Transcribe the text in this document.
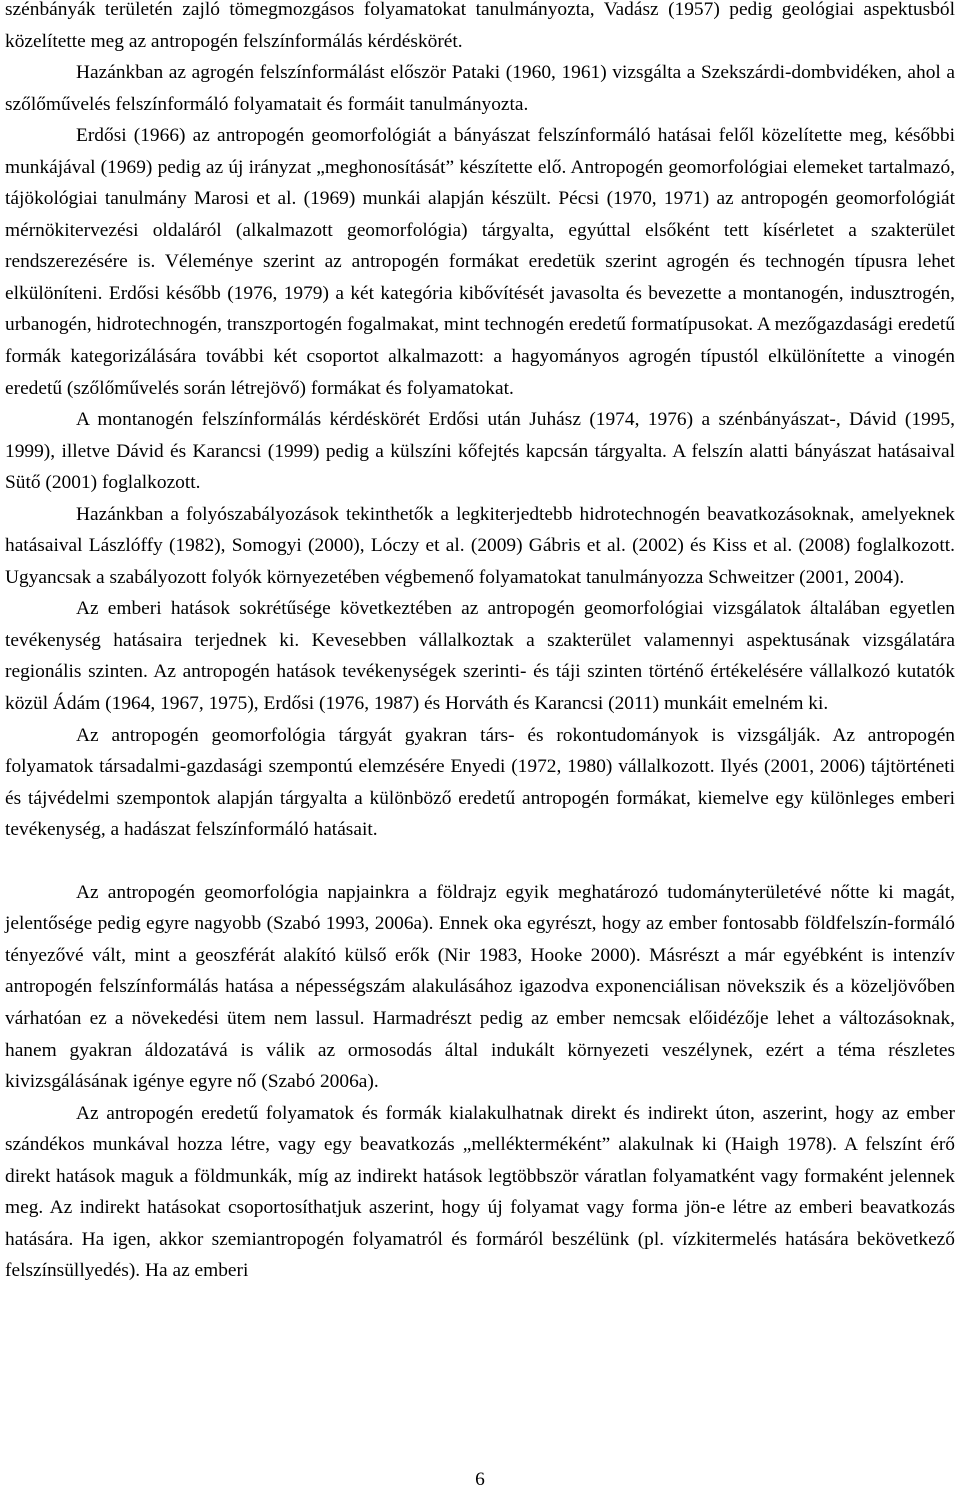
szénbányák területén zajló tömegmozgásos folyamatokat tanulmányozta, Vadász (1957) pedig geológiai aspektusból közelítette meg az antropogén felszínformálás kérdéskörét.

Hazánkban az agrogén felszínformálást először Pataki (1960, 1961) vizsgálta a Szekszárdi-dombvidéken, ahol a szőlőművelés felszínformáló folyamatait és formáit tanulmányozta.

Erdősi (1966) az antropogén geomorfológiát a bányászat felszínformáló hatásai felől közelítette meg, későbbi munkájával (1969) pedig az új irányzat „meghonosítását” készítette elő. Antropogén geomorfológiai elemeket tartalmazó, tájökológiai tanulmány Marosi et al. (1969) munkái alapján készült. Pécsi (1970, 1971) az antropogén geomorfológiát mérnökitervezési oldaláról (alkalmazott geomorfológia) tárgyalta, egyúttal elsőként tett kísérletet a szakterület rendszerezésére is. Véleménye szerint az antropogén formákat eredetük szerint agrogén és technogén típusra lehet elkülöníteni. Erdősi később (1976, 1979) a két kategória kibővítését javasolta és bevezette a montanogén, indusztrogén, urbanogén, hidrotechnogén, transzportogén fogalmakat, mint technogén eredetű formatípusokat. A mezőgazdasági eredetű formák kategorizálására további két csoportot alkalmazott: a hagyományos agrogén típustól elkülönítette a vinogén eredetű (szőlőművelés során létrejövő) formákat és folyamatokat.

A montanogén felszínformálás kérdéskörét Erdősi után Juhász (1974, 1976) a szénbányászat-, Dávid (1995, 1999), illetve Dávid és Karancsi (1999) pedig a külszíni kőfejtés kapcsán tárgyalta. A felszín alatti bányászat hatásaival Sütő (2001) foglalkozott.

Hazánkban a folyószabályozások tekinthetők a legkiterjedtebb hidrotechnogén beavatkozásoknak, amelyeknek hatásaival Lászlóffy (1982), Somogyi (2000), Lóczy et al. (2009) Gábris et al. (2002) és Kiss et al. (2008) foglalkozott. Ugyancsak a szabályozott folyók környezetében végbemenő folyamatokat tanulmányozza Schweitzer (2001, 2004).

Az emberi hatások sokrétűsége következtében az antropogén geomorfológiai vizsgálatok általában egyetlen tevékenység hatásaira terjednek ki. Kevesebben vállalkoztak a szakterület valamennyi aspektusának vizsgálatára regionális szinten. Az antropogén hatások tevékenységek szerinti- és táji szinten történő értékelésére vállalkozó kutatók közül Ádám (1964, 1967, 1975), Erdősi (1976, 1987) és Horváth és Karancsi (2011) munkáit emelném ki.

Az antropogén geomorfológia tárgyát gyakran társ- és rokontudományok is vizsgálják. Az antropogén folyamatok társadalmi-gazdasági szempontú elemzésére Enyedi (1972, 1980) vállalkozott. Ilyés (2001, 2006) tájtörténeti és tájvédelmi szempontok alapján tárgyalta a különböző eredetű antropogén formákat, kiemelve egy különleges emberi tevékenység, a hadászat felszínformáló hatásait.

Az antropogén geomorfológia napjainkra a földrajz egyik meghatározó tudományterületévé nőtte ki magát, jelentősége pedig egyre nagyobb (Szabó 1993, 2006a). Ennek oka egyrészt, hogy az ember fontosabb földfelszín-formáló tényezővé vált, mint a geoszférát alakító külső erők (Nir 1983, Hooke 2000). Másrészt a már egyébként is intenzív antropogén felszínformálás hatása a népességszám alakulásához igazodva exponenciálisan növekszik és a közeljövőben várhatóan ez a növekedési ütem nem lassul. Harmadrészt pedig az ember nemcsak előidézője lehet a változásoknak, hanem gyakran áldozatává is válik az ormosodás által indukált környezeti veszélynek, ezért a téma részletes kivizsgálásának igénye egyre nő (Szabó 2006a).

Az antropogén eredetű folyamatok és formák kialakulhatnak direkt és indirekt úton, aszerint, hogy az ember szándékos munkával hozza létre, vagy egy beavatkozás „mellékterméként” alakulnak ki (Haigh 1978). A felszínt érő direkt hatások maguk a földmunkák, míg az indirekt hatások legtöbbször váratlan folyamatként vagy formaként jelennek meg. Az indirekt hatásokat csoportosíthatjuk aszerint, hogy új folyamat vagy forma jön-e létre az emberi beavatkozás hatására. Ha igen, akkor szemiantropogén folyamatról és formáról beszélünk (pl. vízkitermelés hatására bekövetkező felszínsüllyedés). Ha az emberi

6
